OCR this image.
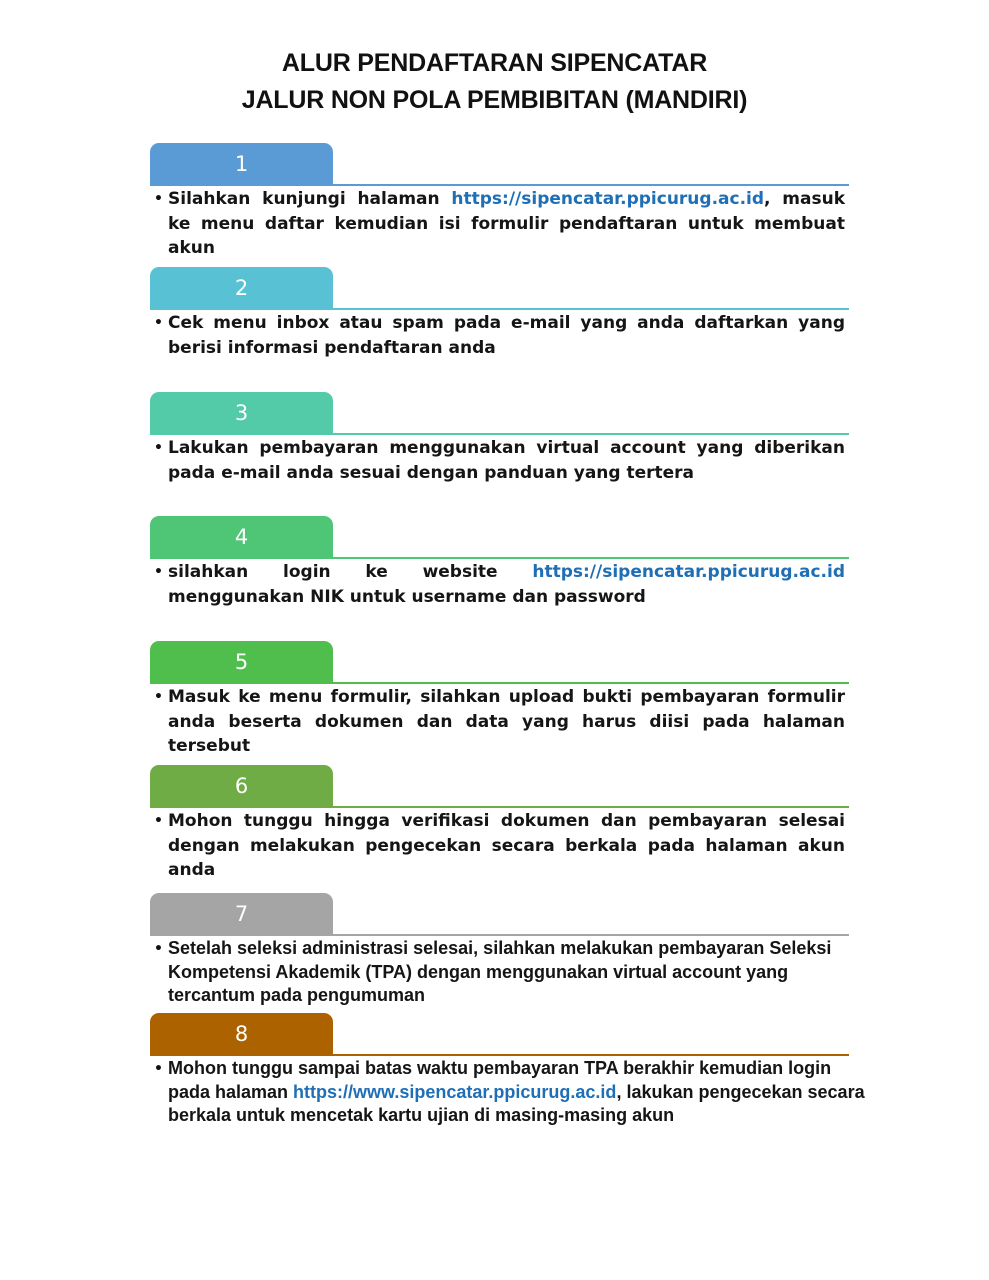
ALUR PENDAFTARAN SIPENCATAR
JALUR NON POLA PEMBIBITAN (MANDIRI)
1
• Silahkan kunjungi halaman https://sipencatar.ppicurug.ac.id, masuk ke menu daftar kemudian isi formulir pendaftaran untuk membuat akun
2
• Cek menu inbox atau spam pada e-mail yang anda daftarkan yang berisi informasi pendaftaran anda
3
• Lakukan pembayaran menggunakan virtual account yang diberikan pada e-mail anda sesuai dengan panduan yang tertera
4
• silahkan login ke website https://sipencatar.ppicurug.ac.id menggunakan NIK untuk username dan password
5
• Masuk ke menu formulir, silahkan upload bukti pembayaran formulir anda beserta dokumen dan data yang harus diisi pada halaman tersebut
6
• Mohon tunggu hingga verifikasi dokumen dan pembayaran selesai dengan melakukan pengecekan secara berkala pada halaman akun anda
7
• Setelah seleksi administrasi selesai, silahkan melakukan pembayaran Seleksi Kompetensi Akademik (TPA) dengan menggunakan virtual account yang tercantum pada pengumuman
8
• Mohon tunggu sampai batas waktu pembayaran TPA berakhir kemudian login pada halaman https://www.sipencatar.ppicurug.ac.id, lakukan pengecekan secara berkala untuk mencetak kartu ujian di masing-masing akun
